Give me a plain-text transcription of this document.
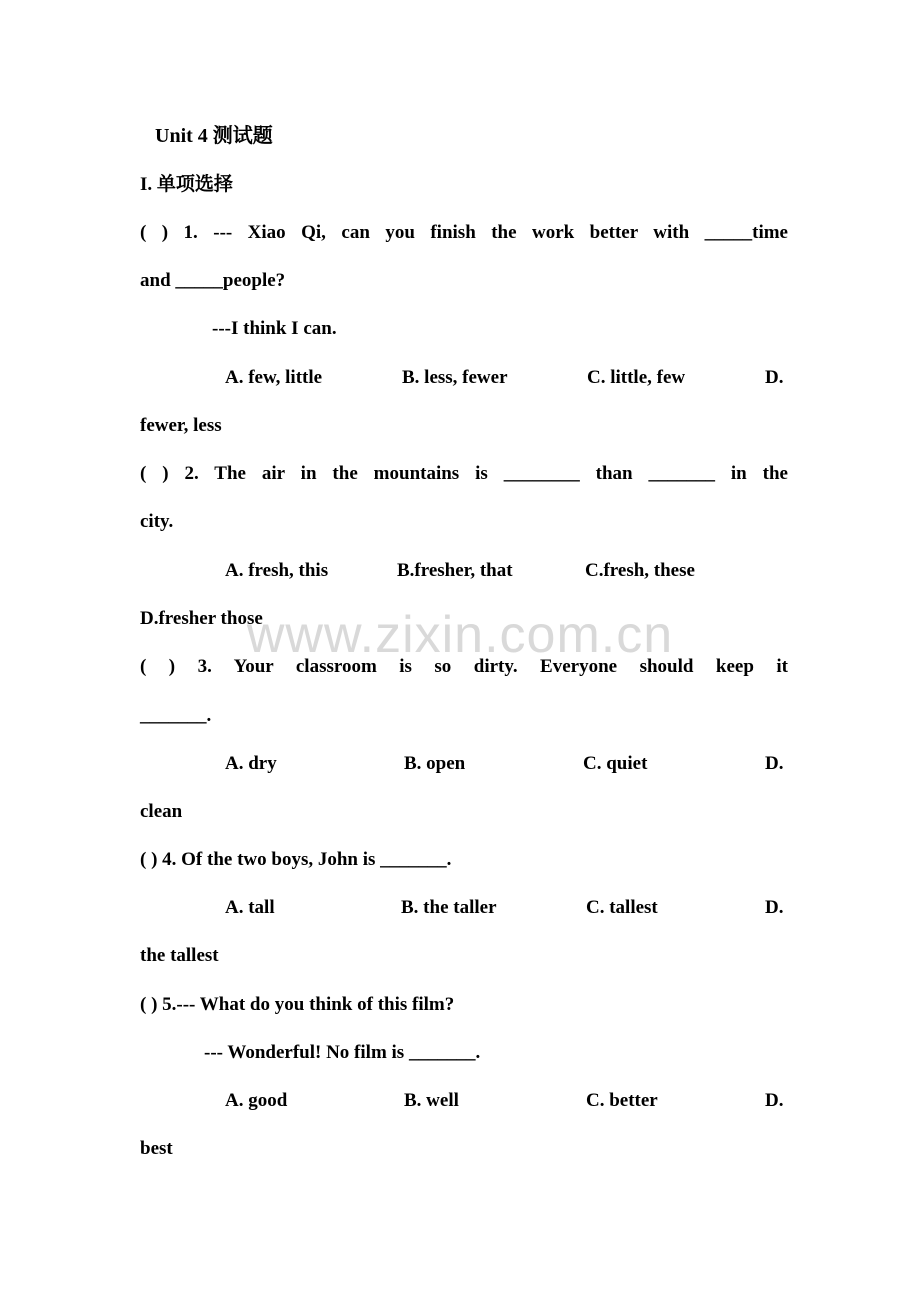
www.zixin.com.cn
Unit 4 测试题
I. 单项选择
( ) 1. --- Xiao Qi, can you finish the work better with _____time
and _____people?
---I think I can.
A. few, little	B. less, fewer	C. little, few	D.
fewer, less
( ) 2. The air in the mountains is ________ than _______ in the
city.
A. fresh, this	B.fresher, that	C.fresh, these
D.fresher those
( ) 3. Your classroom is so dirty. Everyone should keep it
_______.
A. dry	B. open	C. quiet	D.
clean
( ) 4. Of the two boys, John is _______.
A. tall	B. the taller	C. tallest	D.
the tallest
( ) 5.--- What do you think of this film?
--- Wonderful! No film is _______.
A. good	B. well	C. better	D.
best
